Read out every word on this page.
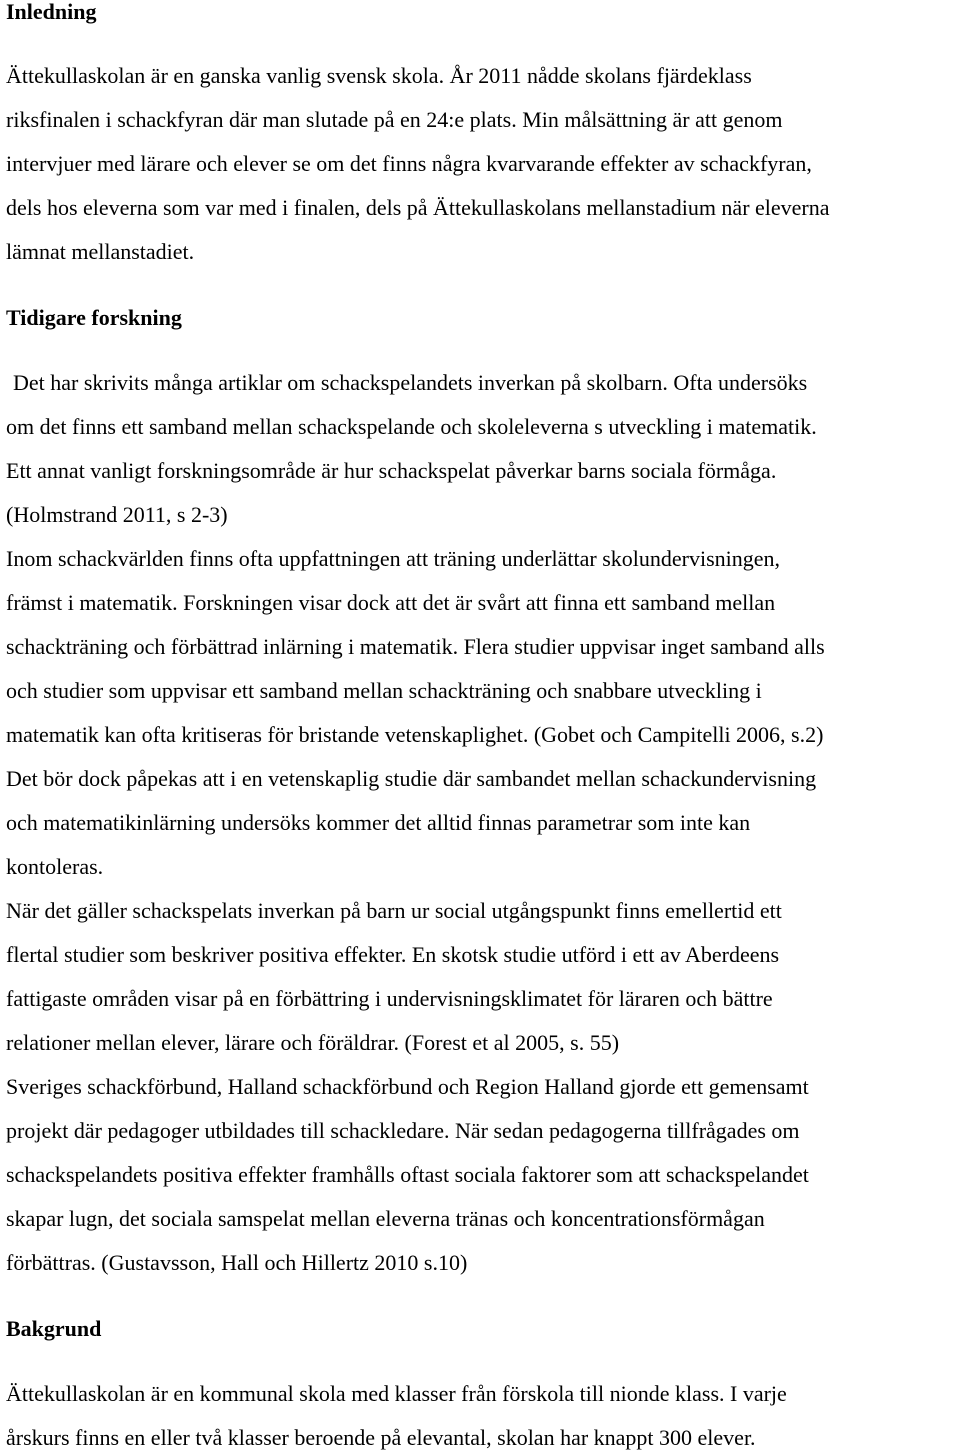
Inledning
Ättekullaskolan är en ganska vanlig svensk skola. År 2011 nådde skolans fjärdeklass
riksfinalen i schackfyran där man slutade på en 24:e plats. Min målsättning är att genom
intervjuer med lärare och elever se om det finns några kvarvarande effekter av schackfyran,
dels hos eleverna som var med i finalen, dels på Ättekullaskolans mellanstadium när eleverna
lämnat mellanstadiet.
Tidigare forskning
Det har skrivits många artiklar om schackspelandets inverkan på skolbarn. Ofta undersöks
om det finns ett samband mellan schackspelande och skoleleverna s utveckling i matematik.
Ett annat vanligt forskningsområde är hur schackspelat påverkar barns sociala förmåga.
(Holmstrand 2011, s 2-3)
Inom schackvärlden finns ofta uppfattningen att träning underlättar skolundervisningen,
främst i matematik. Forskningen visar dock att det är svårt att finna ett samband mellan
schackträning och förbättrad inlärning i matematik. Flera studier uppvisar inget samband alls
och studier som uppvisar ett samband mellan schackträning och snabbare utveckling i
matematik kan ofta kritiseras för bristande vetenskaplighet. (Gobet och Campitelli 2006, s.2)
Det bör dock påpekas att i en vetenskaplig studie där sambandet mellan schackundervisning
och matematikinlärning undersöks kommer det alltid finnas parametrar som inte kan
kontoleras.
När det gäller schackspelats inverkan på barn ur social utgångspunkt finns emellertid ett
flertal studier som beskriver positiva effekter. En skotsk studie utförd i ett av Aberdeens
fattigaste områden visar på en förbättring i undervisningsklimatet för läraren och bättre
relationer mellan elever, lärare och föräldrar. (Forest et al 2005, s. 55)
Sveriges schackförbund, Halland schackförbund och Region Halland gjorde ett gemensamt
projekt där pedagoger utbildades till schackledare. När sedan pedagogerna tillfrågades om
schackspelandets positiva effekter framhålls oftast sociala faktorer som att schackspelandet
skapar lugn, det sociala samspelat mellan eleverna tränas och koncentrationsförmågan
förbättras. (Gustavsson, Hall och Hillertz 2010 s.10)
Bakgrund
Ättekullaskolan är en kommunal skola med klasser från förskola till nionde klass. I varje
årskurs finns en eller två klasser beroende på elevantal, skolan har knappt 300 elever.
